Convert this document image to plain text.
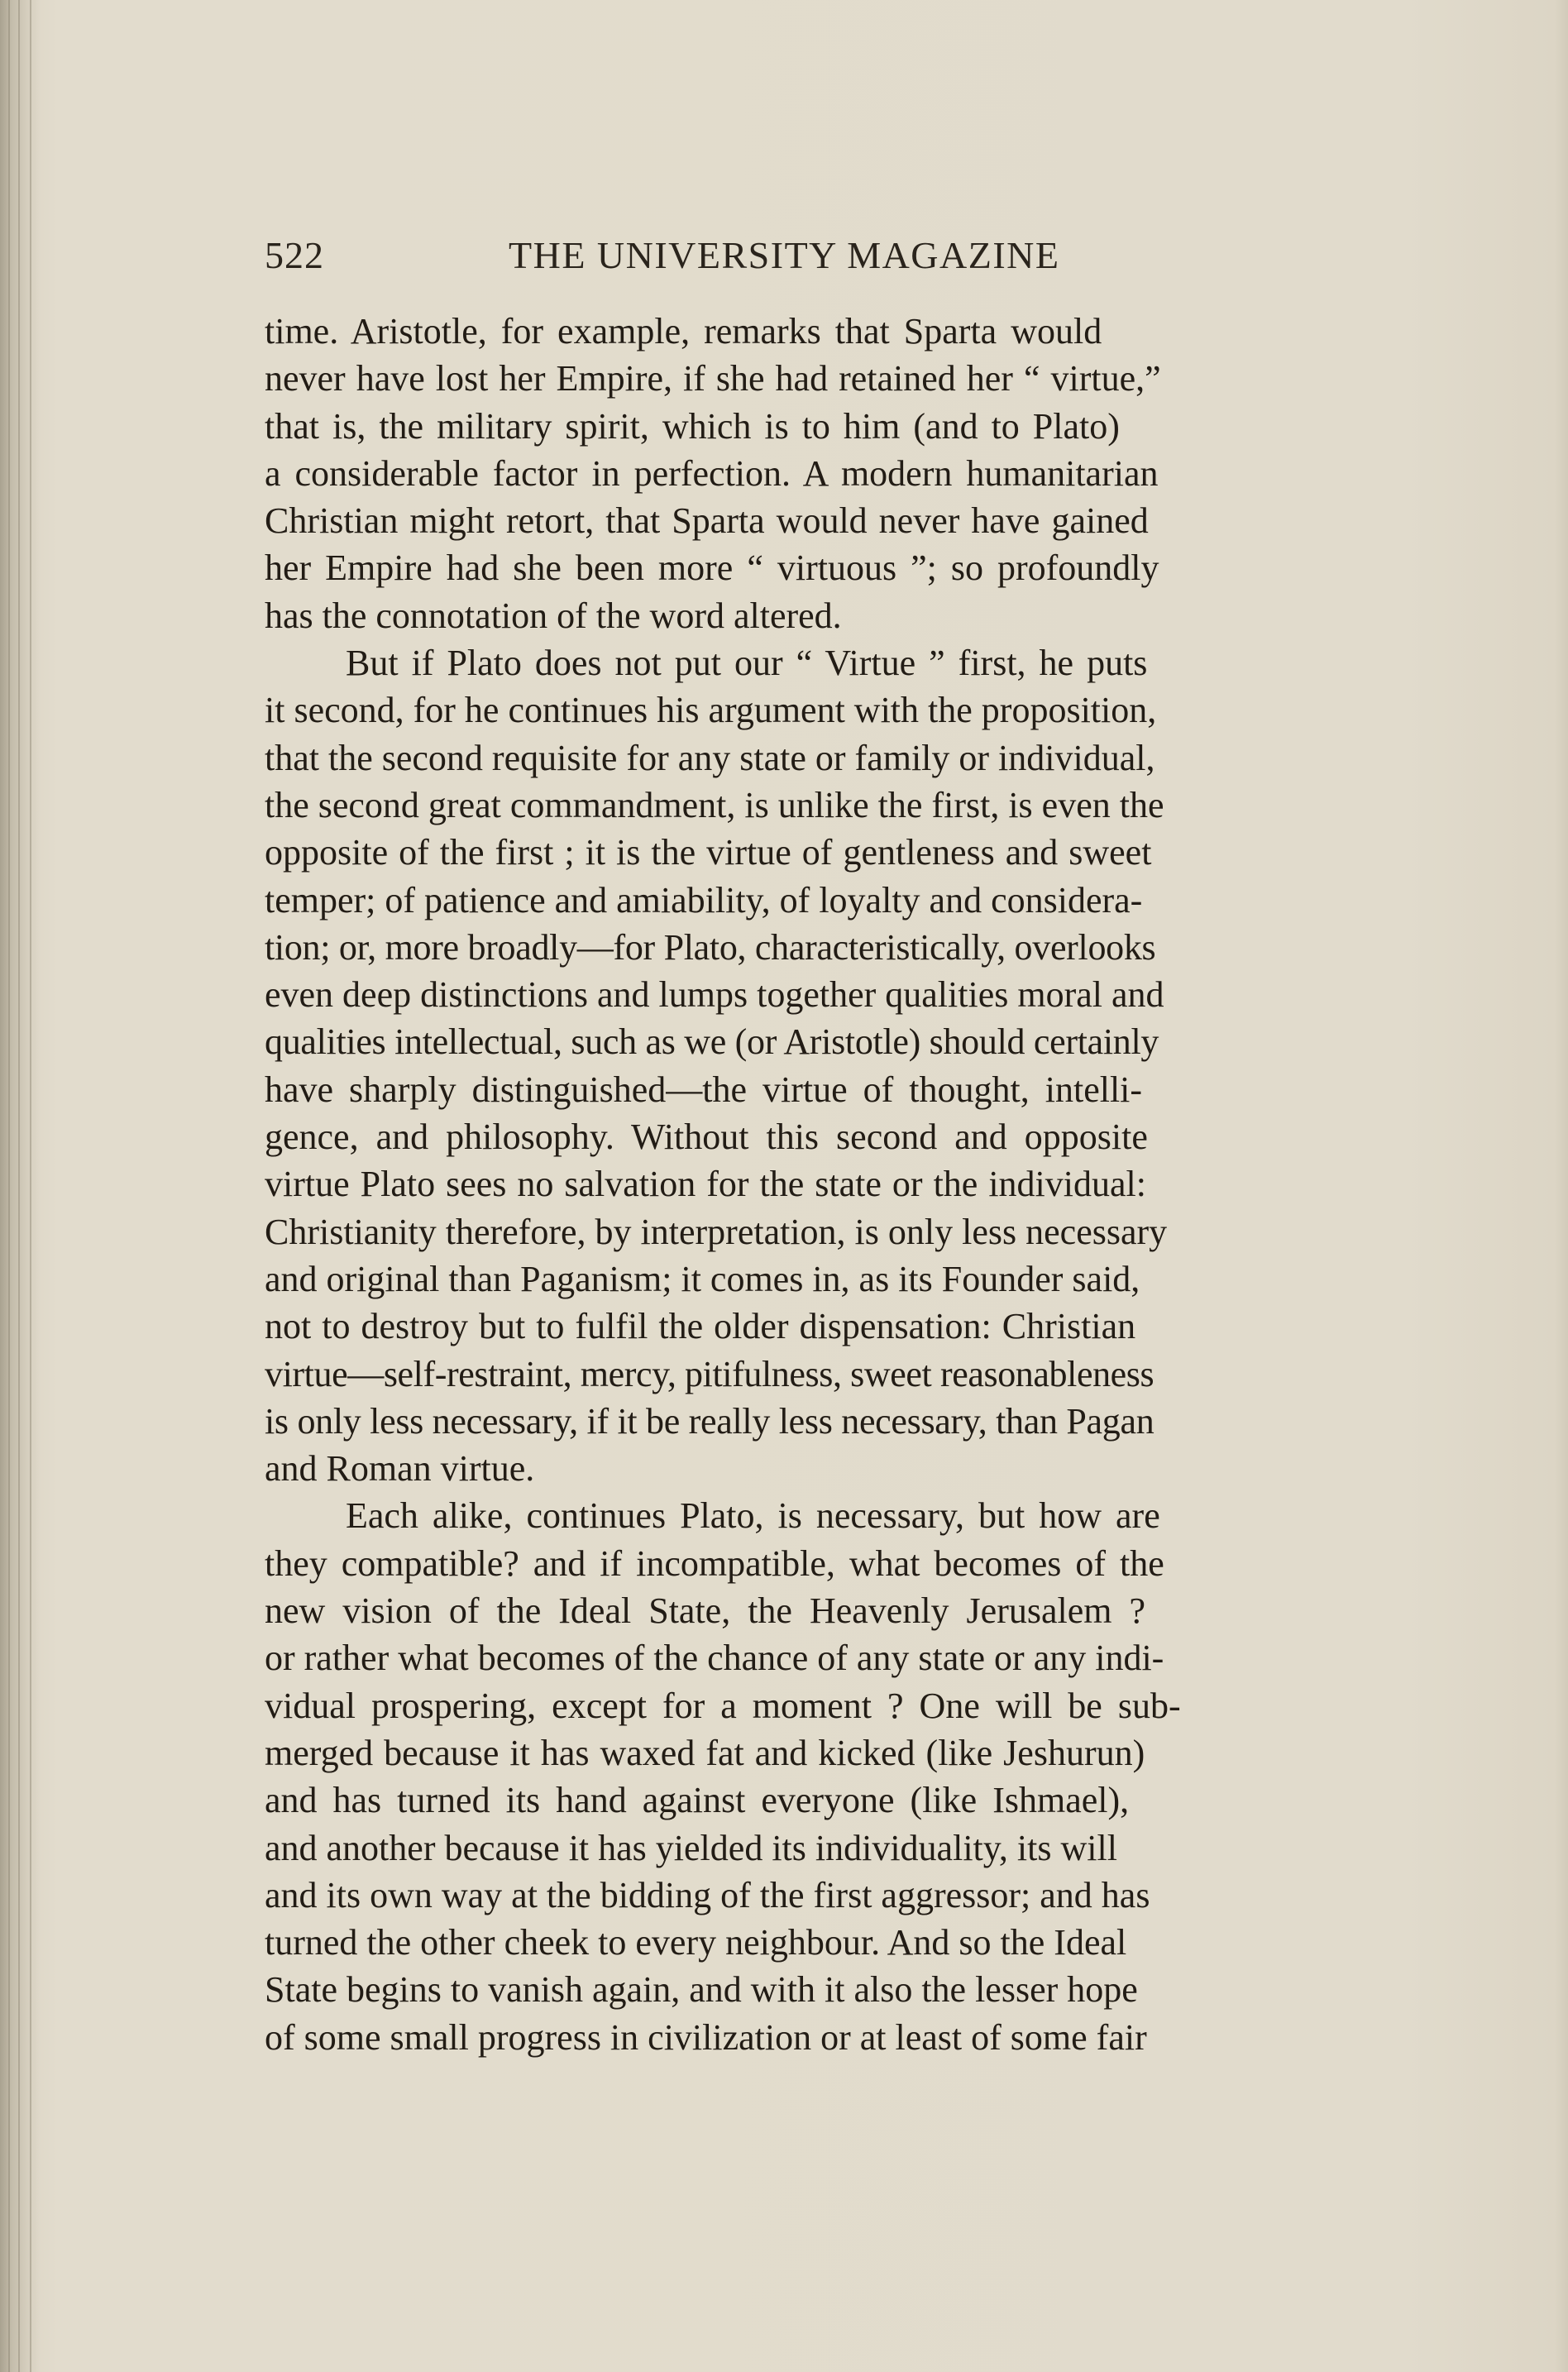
522	THE UNIVERSITY MAGAZINE
time. Aristotle, for example, remarks that Sparta would
never have lost her Empire, if she had retained her “ virtue,”
that is, the military spirit, which is to him (and to Plato)
a considerable factor in perfection. A modern humanitarian
Christian might retort, that Sparta would never have gained
her Empire had she been more “ virtuous ”; so profoundly
has the connotation of the word altered.
But if Plato does not put our “ Virtue ” first, he puts
it second, for he continues his argument with the proposition,
that the second requisite for any state or family or individual,
the second great commandment, is unlike the first, is even the
opposite of the first ; it is the virtue of gentleness and sweet
temper; of patience and amiability, of loyalty and considera-
tion; or, more broadly—for Plato, characteristically, overlooks
even deep distinctions and lumps together qualities moral and
qualities intellectual, such as we (or Aristotle) should certainly
have sharply distinguished—the virtue of thought, intelli-
gence, and philosophy. Without this second and opposite
virtue Plato sees no salvation for the state or the individual:
Christianity therefore, by interpretation, is only less necessary
and original than Paganism; it comes in, as its Founder said,
not to destroy but to fulfil the older dispensation: Christian
virtue—self-restraint, mercy, pitifulness, sweet reasonableness
is only less necessary, if it be really less necessary, than Pagan
and Roman virtue.
Each alike, continues Plato, is necessary, but how are
they compatible? and if incompatible, what becomes of the
new vision of the Ideal State, the Heavenly Jerusalem ?
or rather what becomes of the chance of any state or any indi-
vidual prospering, except for a moment ? One will be sub-
merged because it has waxed fat and kicked (like Jeshurun)
and has turned its hand against everyone (like Ishmael),
and another because it has yielded its individuality, its will
and its own way at the bidding of the first aggressor; and has
turned the other cheek to every neighbour. And so the Ideal
State begins to vanish again, and with it also the lesser hope
of some small progress in civilization or at least of some fair
